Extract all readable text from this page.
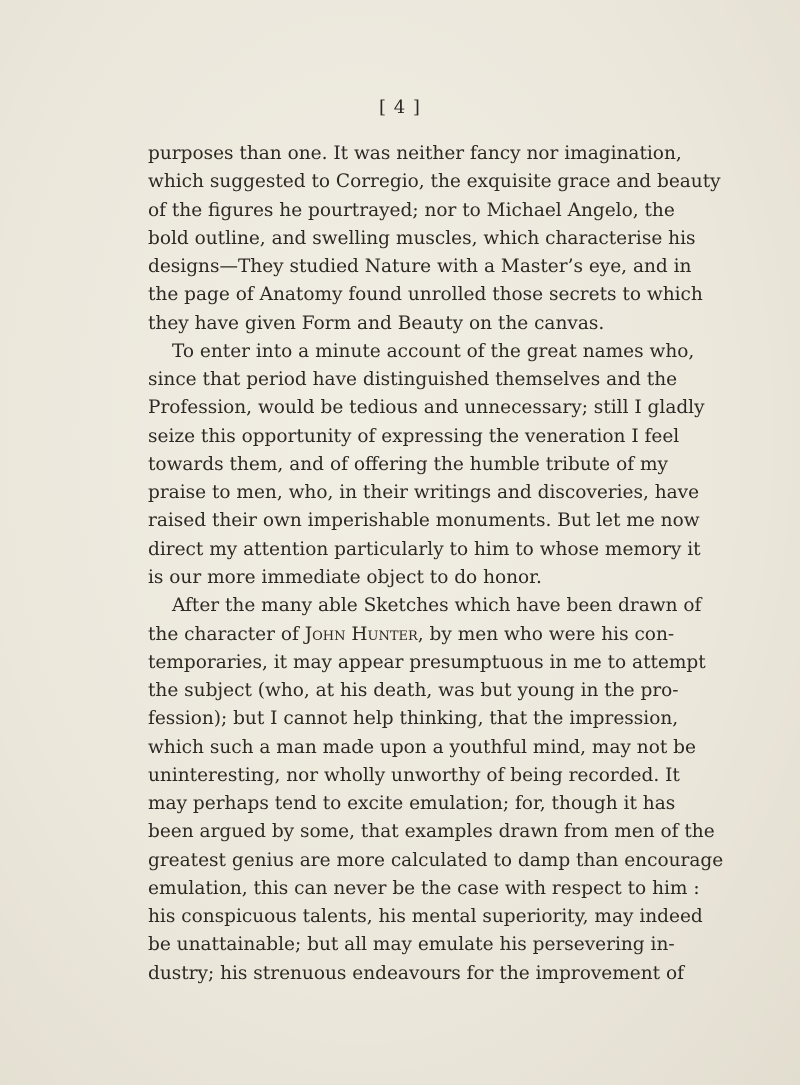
[ 4 ]
purposes than one. It was neither fancy nor imagination,
which suggested to Corregio, the exquisite grace and beauty
of the figures he pourtrayed; nor to Michael Angelo, the
bold outline, and swelling muscles, which characterise his
designs—They studied Nature with a Master’s eye, and in
the page of Anatomy found unrolled those secrets to which
they have given Form and Beauty on the canvas.
To enter into a minute account of the great names who,
since that period have distinguished themselves and the
Profession, would be tedious and unnecessary; still I gladly
seize this opportunity of expressing the veneration I feel
towards them, and of offering the humble tribute of my
praise to men, who, in their writings and discoveries, have
raised their own imperishable monuments. But let me now
direct my attention particularly to him to whose memory it
is our more immediate object to do honor.
After the many able Sketches which have been drawn of
the character of John Hunter, by men who were his con-
temporaries, it may appear presumptuous in me to attempt
the subject (who, at his death, was but young in the pro-
fession); but I cannot help thinking, that the impression,
which such a man made upon a youthful mind, may not be
uninteresting, nor wholly unworthy of being recorded. It
may perhaps tend to excite emulation; for, though it has
been argued by some, that examples drawn from men of the
greatest genius are more calculated to damp than encourage
emulation, this can never be the case with respect to him :
his conspicuous talents, his mental superiority, may indeed
be unattainable; but all may emulate his persevering in-
dustry; his strenuous endeavours for the improvement of
